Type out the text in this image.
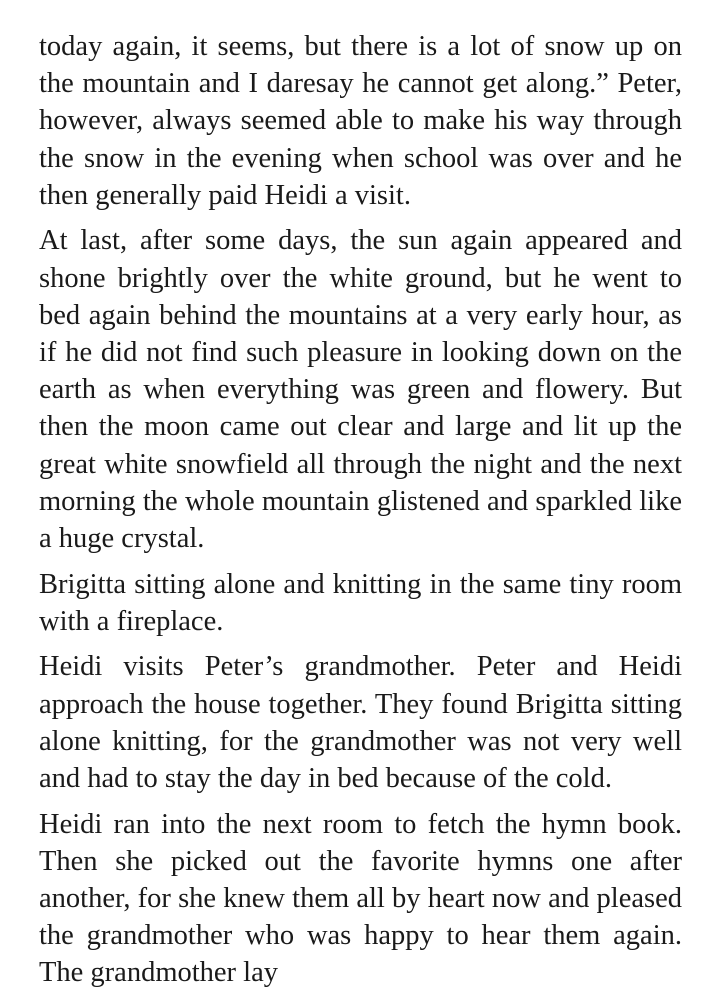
today again, it seems, but there is a lot of snow up on the mountain and I daresay he cannot get along.” Peter, however, always seemed able to make his way through the snow in the evening when school was over and he then generally paid Heidi a visit.

At last, after some days, the sun again appeared and shone brightly over the white ground, but he went to bed again behind the mountains at a very early hour, as if he did not find such pleasure in looking down on the earth as when everything was green and flowery. But then the moon came out clear and large and lit up the great white snowfield all through the night and the next morning the whole mountain glistened and sparkled like a huge crystal.

Brigitta sitting alone and knitting in the same tiny room with a fireplace.

Heidi visits Peter’s grandmother. Peter and Heidi approach the house together. They found Brigitta sitting alone knitting, for the grandmother was not very well and had to stay the day in bed because of the cold.

Heidi ran into the next room to fetch the hymn book. Then she picked out the favorite hymns one after another, for she knew them all by heart now and pleased the grandmother who was happy to hear them again. The grandmother lay
